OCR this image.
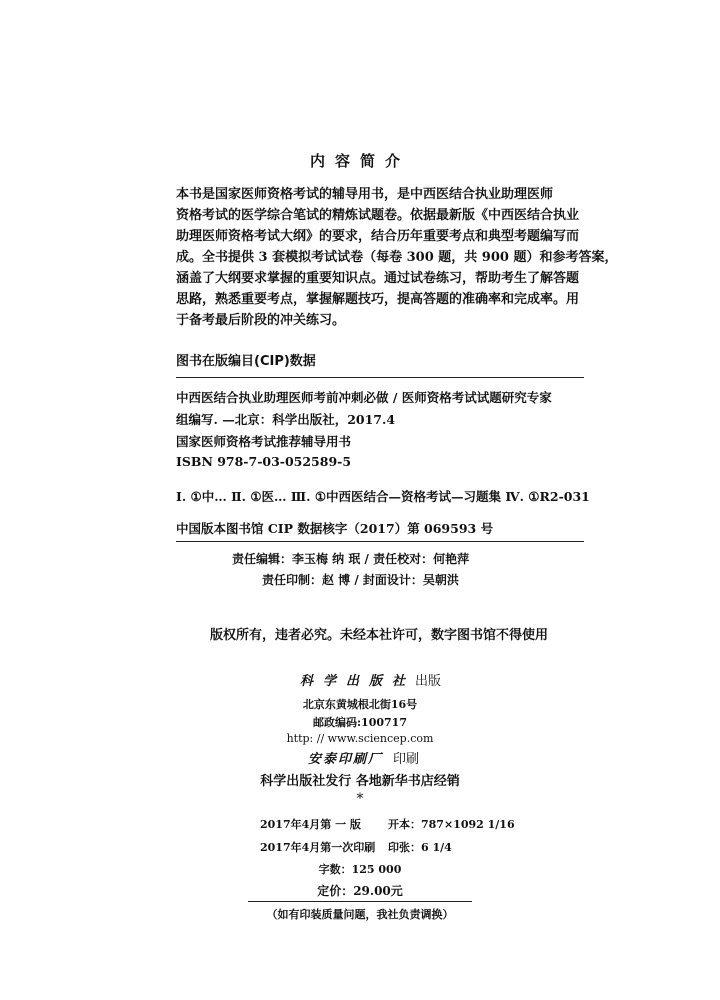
内容简介
本书是国家医师资格考试的辅导用书，是中西医结合执业助理医师
资格考试的医学综合笔试的精炼试题卷。依据最新版《中西医结合执业
助理医师资格考试大纲》的要求，结合历年重要考点和典型考题编写而
成。全书提供 3 套模拟考试试卷（每卷 300 题，共 900 题）和参考答案，
涵盖了大纲要求掌握的重要知识点。通过试卷练习，帮助考生了解答题
思路，熟悉重要考点，掌握解题技巧，提高答题的准确率和完成率。用
于备考最后阶段的冲关练习。
图书在版编目(CIP)数据
中西医结合执业助理医师考前冲刺必做 / 医师资格考试试题研究专家
组编写. —北京：科学出版社，2017.4
国家医师资格考试推荐辅导用书
ISBN 978-7-03-052589-5
Ⅰ. ①中… Ⅱ. ①医… Ⅲ. ①中西医结合—资格考试—习题集 Ⅳ. ①R2-031
中国版本图书馆 CIP 数据核字（2017）第 069593 号
责任编辑：李玉梅 纳 珉 / 责任校对：何艳萍
责任印制：赵 博 / 封面设计：吴朝洪
版权所有，违者必究。未经本社许可，数字图书馆不得使用
科学出版社出版
北京东黄城根北街16号
邮政编码:100717
http: // www.sciencep.com
安泰印刷厂 印刷
科学出版社发行 各地新华书店经销
*
2017年4月第 一 版 开本：787×1092 1/16
2017年4月第一次印刷 印张：6 1/4
字数：125 000
定价：29.00元
（如有印装质量问题，我社负责调换）
